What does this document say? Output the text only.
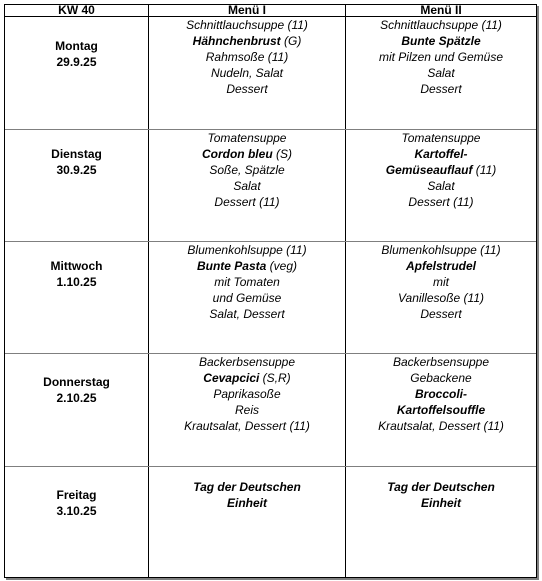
KW 40	Menü I	Menü II
Montag
29.9.25
Schnittlauchsuppe (11)
Hähnchenbrust (G)
Rahmsoße (11)
Nudeln, Salat
Dessert
Schnittlauchsuppe (11)
Bunte Spätzle
mit Pilzen und Gemüse
Salat
Dessert
Dienstag
30.9.25
Tomatensuppe
Cordon bleu (S)
Soße, Spätzle
Salat
Dessert (11)
Tomatensuppe
Kartoffel-
Gemüseauflauf (11)
Salat
Dessert (11)
Mittwoch
1.10.25
Blumenkohlsuppe (11)
Bunte Pasta (veg)
mit Tomaten
und Gemüse
Salat, Dessert
Blumenkohlsuppe (11)
Apfelstrudel
mit
Vanillesoße (11)
Dessert
Donnerstag
2.10.25
Backerbsensuppe
Cevapcici (S,R)
Paprikasoße
Reis
Krautsalat, Dessert (11)
Backerbsensuppe
Gebackene
Broccoli-
Kartoffelsouffle
Krautsalat, Dessert (11)
Freitag
3.10.25
Tag der Deutschen
Einheit
Tag der Deutschen
Einheit
